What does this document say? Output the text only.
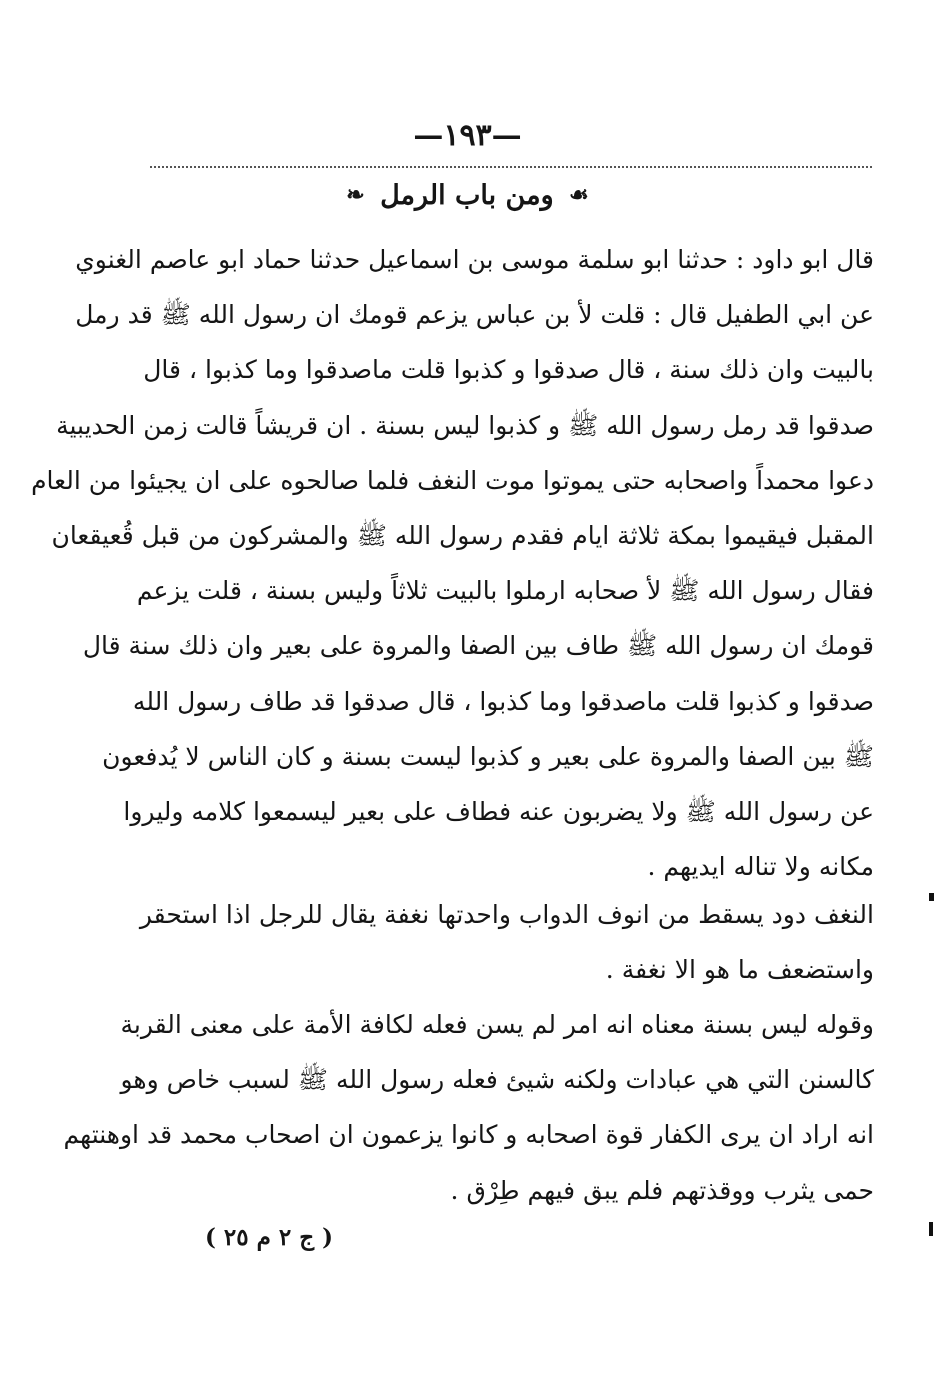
—١٩٣—
☙ ومن باب الرمل ❧
قال ابو داود : حدثنا ابو سلمة موسى بن اسماعيل حدثنا حماد ابو عاصم الغنوي
عن ابي الطفيل قال : قلت لأ بن عباس يزعم قومك ان رسول الله ﷺ قد رمل
بالبيت وان ذلك سنة ، قال صدقوا و كذبوا قلت ماصدقوا وما كذبوا ، قال
صدقوا قد رمل رسول الله ﷺ و كذبوا ليس بسنة . ان قريشاً قالت زمن الحديبية
دعوا محمداً واصحابه حتى يموتوا موت النغف فلما صالحوه على ان يجيئوا من العام
المقبل فيقيموا بمكة ثلاثة ايام فقدم رسول الله ﷺ والمشركون من قبل قُعيقعان
فقال رسول الله ﷺ لأ صحابه ارملوا بالبيت ثلاثاً وليس بسنة ، قلت يزعم
قومك ان رسول الله ﷺ طاف بين الصفا والمروة على بعير وان ذلك سنة قال
صدقوا و كذبوا قلت ماصدقوا وما كذبوا ، قال صدقوا قد طاف رسول الله
ﷺ بين الصفا والمروة على بعير و كذبوا ليست بسنة و كان الناس لا يُدفعون
عن رسول الله ﷺ ولا يضربون عنه فطاف على بعير ليسمعوا كلامه وليروا
مكانه ولا تناله ايديهم .
النغف دود يسقط من انوف الدواب واحدتها نغفة يقال للرجل اذا استحقر
واستضعف ما هو الا نغفة .
وقوله ليس بسنة معناه انه امر لم يسن فعله لكافة الأمة على معنى القربة
كالسنن التي هي عبادات ولكنه شيئ فعله رسول الله ﷺ لسبب خاص وهو
انه اراد ان يرى الكفار قوة اصحابه و كانوا يزعمون ان اصحاب محمد قد اوهنتهم
حمى يثرب ووقذتهم فلم يبق فيهم طِرْق .
( ج ٢ م ٢٥ )
